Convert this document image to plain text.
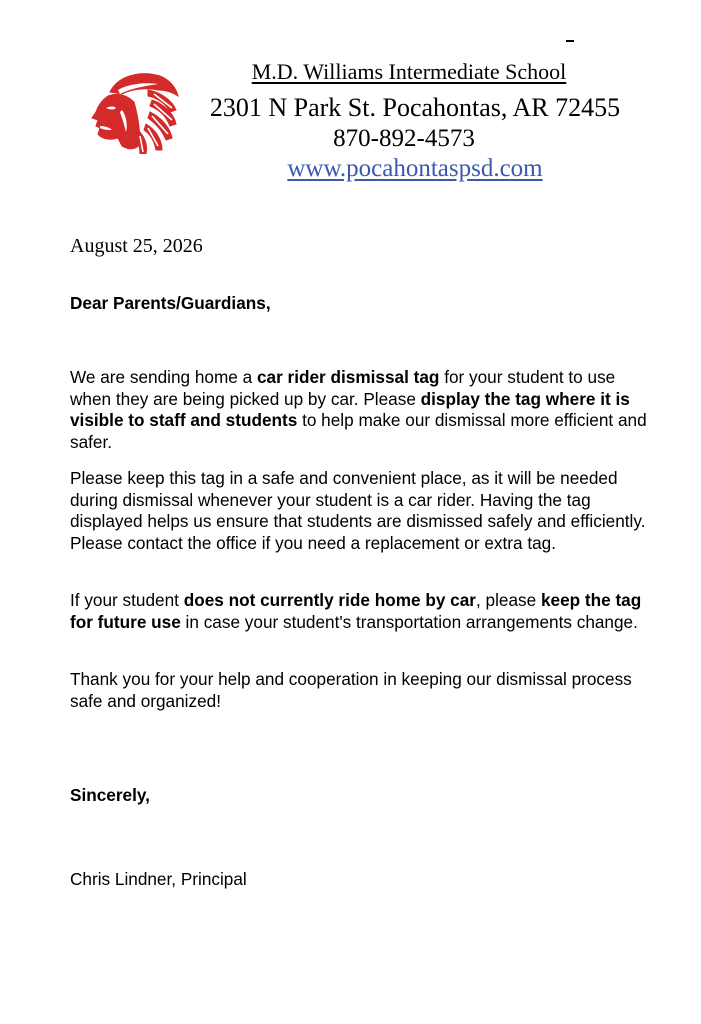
M.D. Williams Intermediate School
2301 N Park St. Pocahontas, AR 72455
870-892-4573
www.pocahontaspsd.com
August 25, 2026
Dear Parents/Guardians,
We are sending home a car rider dismissal tag for your student to use when they are being picked up by car. Please display the tag where it is visible to staff and students to help make our dismissal more efficient and safer.
Please keep this tag in a safe and convenient place, as it will be needed during dismissal whenever your student is a car rider. Having the tag displayed helps us ensure that students are dismissed safely and efficiently. Please contact the office if you need a replacement or extra tag.
If your student does not currently ride home by car, please keep the tag for future use in case your student's transportation arrangements change.
Thank you for your help and cooperation in keeping our dismissal process safe and organized!
Sincerely,
Chris Lindner, Principal
